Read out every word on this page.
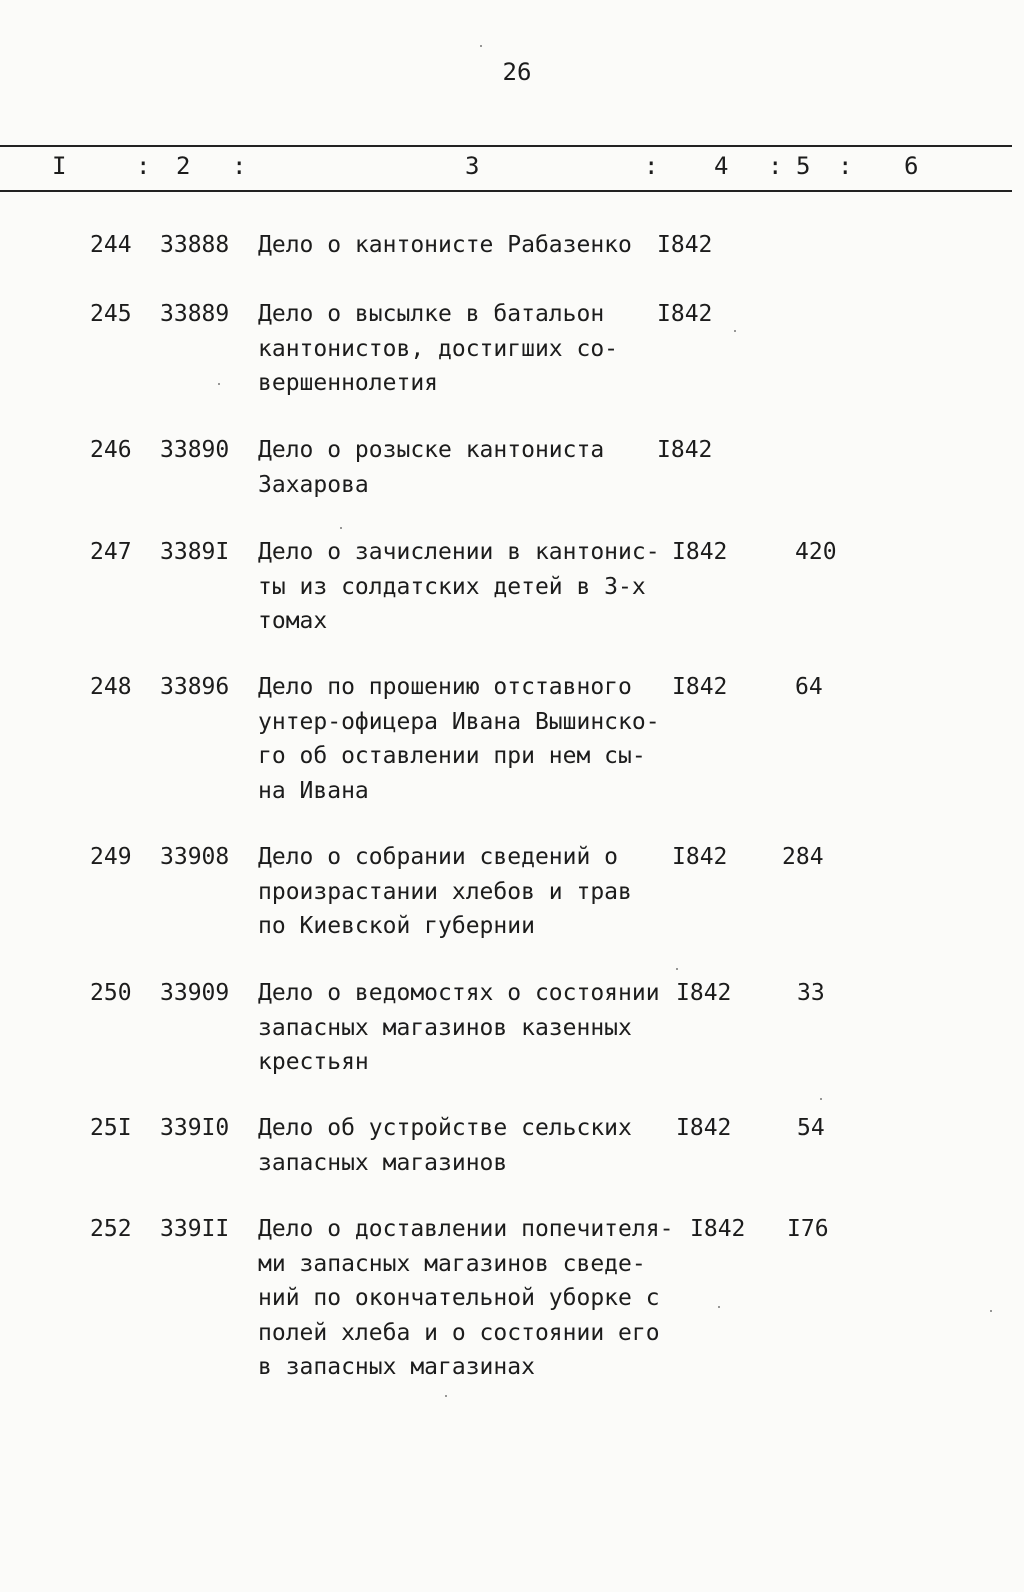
26
I	: 2 :	3	: 4 : 5 : 6
244 33888 Дело о кантонисте Рабазенко	I842
245 33889 Дело о высылке в батальон
кантонистов, достигших со-
вершеннолетия
I842
246 33890 Дело о розыске кантониста
Захарова
I842
247 3389I Дело о зачислении в кантонис-
ты из солдатских детей в 3-х
томах
I842	420
248 33896 Дело по прошению отставного
унтер-офицера Ивана Вышинско-
го об оставлении при нем сы-
на Ивана
I842	64
249 33908 Дело о собрании сведений о
произрастании хлебов и трав
по Киевской губернии
I842 284
250 33909 Дело о ведомостях о состоянии
запасных магазинов казенных
крестьян
I842	33
25I 339I0 Дело об устройстве сельских
запасных магазинов
I842	54
252 339II Дело о доставлении попечителя-
ми запасных магазинов сведе-
ний по окончательной уборке с
полей хлеба и о состоянии его
в запасных магазинах
I842 I76
